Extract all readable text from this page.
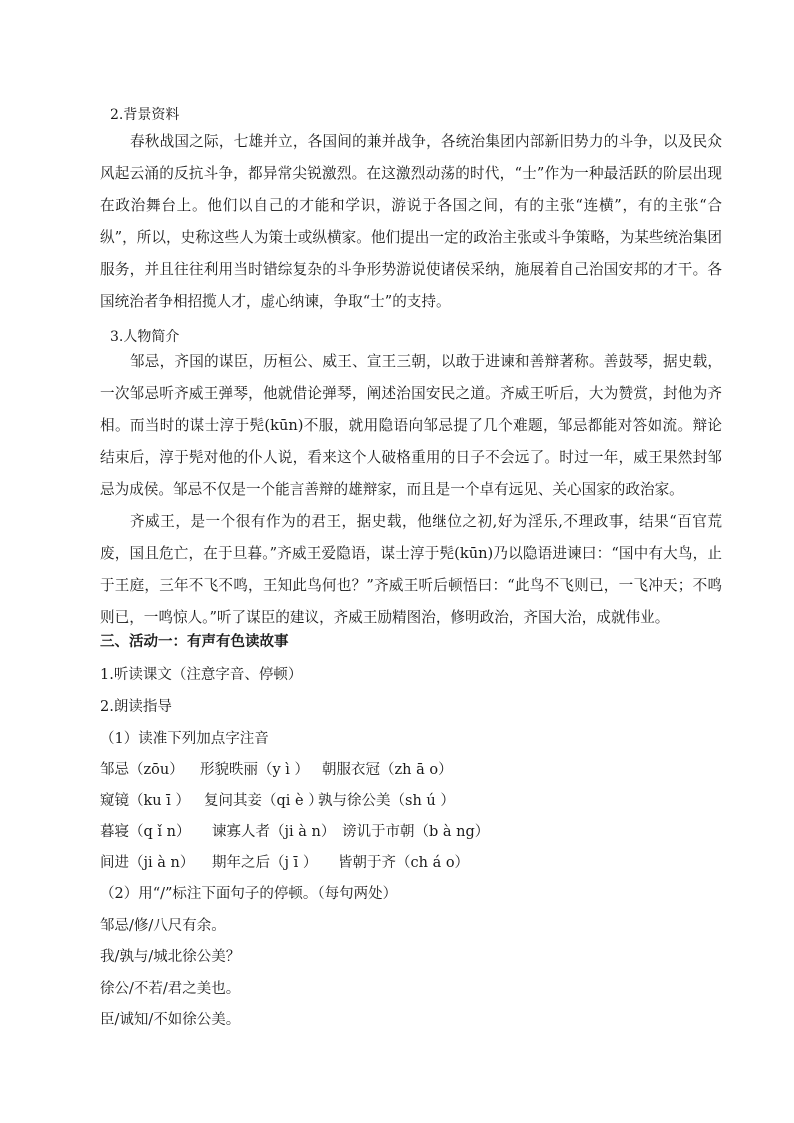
2.背景资料

春秋战国之际，七雄并立，各国间的兼并战争，各统治集团内部新旧势力的斗争，以及民众风起云涌的反抗斗争，都异常尖锐激烈。在这激烈动荡的时代，“士”作为一种最活跃的阶层出现在政治舞台上。他们以自己的才能和学识，游说于各国之间，有的主张“连横”，有的主张“合纵”，所以，史称这些人为策士或纵横家。他们提出一定的政治主张或斗争策略，为某些统治集团服务，并且往往利用当时错综复杂的斗争形势游说使诸侯采纳，施展着自己治国安邦的才干。各国统治者争相招揽人才，虚心纳谏，争取“士”的支持。

3.人物简介

邹忌，齐国的谋臣，历桓公、威王、宣王三朝，以敢于进谏和善辩著称。善鼓琴，据史载，一次邹忌听齐威王弹琴，他就借论弹琴，阐述治国安民之道。齐威王听后，大为赞赏，封他为齐相。而当时的谋士淳于髡(kūn)不服，就用隐语向邹忌提了几个难题，邹忌都能对答如流。辩论结束后，淳于髡对他的仆人说，看来这个人破格重用的日子不会远了。时过一年，威王果然封邹忌为成侯。邹忌不仅是一个能言善辩的雄辩家，而且是一个卓有远见、关心国家的政治家。

齐威王，是一个很有作为的君王，据史载，他继位之初,好为淫乐,不理政事，结果“百官荒废，国且危亡，在于旦暮。”齐威王爱隐语，谋士淳于髡(kūn)乃以隐语进谏曰：“国中有大鸟，止于王庭，三年不飞不鸣，王知此鸟何也？”齐威王听后顿悟曰：“此鸟不飞则已，一飞冲天；不鸣则已，一鸣惊人。”听了谋臣的建议，齐威王励精图治，修明政治，齐国大治，成就伟业。

三、活动一：有声有色读故事
1.听读课文（注意字音、停顿）
2.朗读指导
（1）读准下列加点字注音
邹忌（zōu） 形貌昳丽（y ì ） 朝服衣冠（zh ā o）
窥镜（ku ī ） 复问其妾（qi è ）孰与徐公美（sh ú ）
暮寝（q ǐ n） 谏寡人者（ji à n） 谤讥于市朝（b à ng）
间进（ji à n） 期年之后（j ī ） 皆朝于齐（ch á o）
（2）用“/”标注下面句子的停顿。（每句两处）
邹忌/修/八尺有余。
我/孰与/城北徐公美？
徐公/不若/君之美也。
臣/诚知/不如徐公美。
